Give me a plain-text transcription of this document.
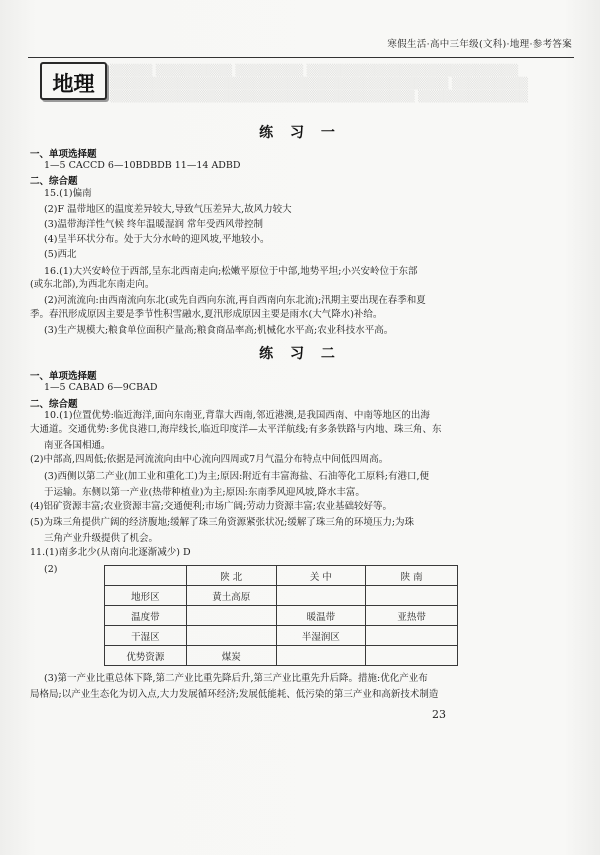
寒假生活·高中三年级(文科)·地理·参考答案
▒▒▒▒▒ ▒▒▒▒▒▒▒▒▒ ▒▒▒▒▒▒▒▒ ▒▒▒▒▒▒▒▒▒▒▒▒▒▒▒▒▒▒▒▒▒▒▒▒▒
▒▒▒▒▒▒▒▒▒▒▒▒▒▒▒▒▒▒▒▒▒▒▒▒▒▒▒▒▒▒▒▒▒▒▒▒▒▒▒▒ ▒▒▒▒▒▒▒▒▒
▒▒▒▒▒▒▒▒▒▒▒▒▒▒▒▒▒▒▒▒▒▒▒▒▒▒▒▒▒▒▒▒▒▒▒▒ ▒▒▒▒▒▒▒▒▒▒▒▒▒
地理
练 习 一
一、单项选择题
1—5 CACCD 6—10BDBDB 11—14 ADBD
二、综合题
15.(1)偏南
(2)F 温带地区的温度差异较大,导致气压差异大,故风力较大
(3)温带海洋性气候 终年温暖湿润 常年受西风带控制
(4)呈半环状分布。处于大分水岭的迎风坡,平地较小。
(5)西北
16.(1)大兴安岭位于西部,呈东北西南走向;松嫩平原位于中部,地势平坦;小兴安岭位于东部
(或东北部),为西北东南走向。
(2)河流流向:由西南流向东北(或先自西向东流,再自西南向东北流);汛期主要出现在春季和夏
季。春汛形成原因主要是季节性积雪融水,夏汛形成原因主要是雨水(大气降水)补给。
(3)生产规模大;粮食单位面积产量高;粮食商品率高;机械化水平高;农业科技水平高。
练 习 二
一、单项选择题
1—5 CABAD 6—9CBAD
二、综合题
10.(1)位置优势:临近海洋,面向东南亚,背靠大西南,邻近港澳,是我国西南、中南等地区的出海
大通道。交通优势:多优良港口,海岸线长,临近印度洋—太平洋航线;有多条铁路与内地、珠三角、东
南亚各国相通。
(2)中部高,四周低;依据是河流流向由中心流向四周或7月气温分布特点中间低四周高。
(3)西侧以第二产业(加工业和重化工)为主;原因:附近有丰富海盐、石油等化工原料;有港口,便
于运输。东侧以第一产业(热带种植业)为主;原因:东南季风迎风坡,降水丰富。
(4)铝矿资源丰富;农业资源丰富;交通便利;市场广阔;劳动力资源丰富;农业基础较好等。
(5)为珠三角提供广阔的经济腹地;缓解了珠三角资源紧张状况;缓解了珠三角的环境压力;为珠
三角产业升级提供了机会。
11.(1)南多北少(从南向北逐渐减少) D
(2)
	陕 北	关 中	陕 南
地形区	黄土高原		
温度带		暖温带	亚热带
干湿区		半湿润区	
优势资源	煤炭		
(3)第一产业比重总体下降,第二产业比重先降后升,第三产业比重先升后降。措施:优化产业布
局格局;以产业生态化为切入点,大力发展循环经济;发展低能耗、低污染的第三产业和高新技术制造
23
